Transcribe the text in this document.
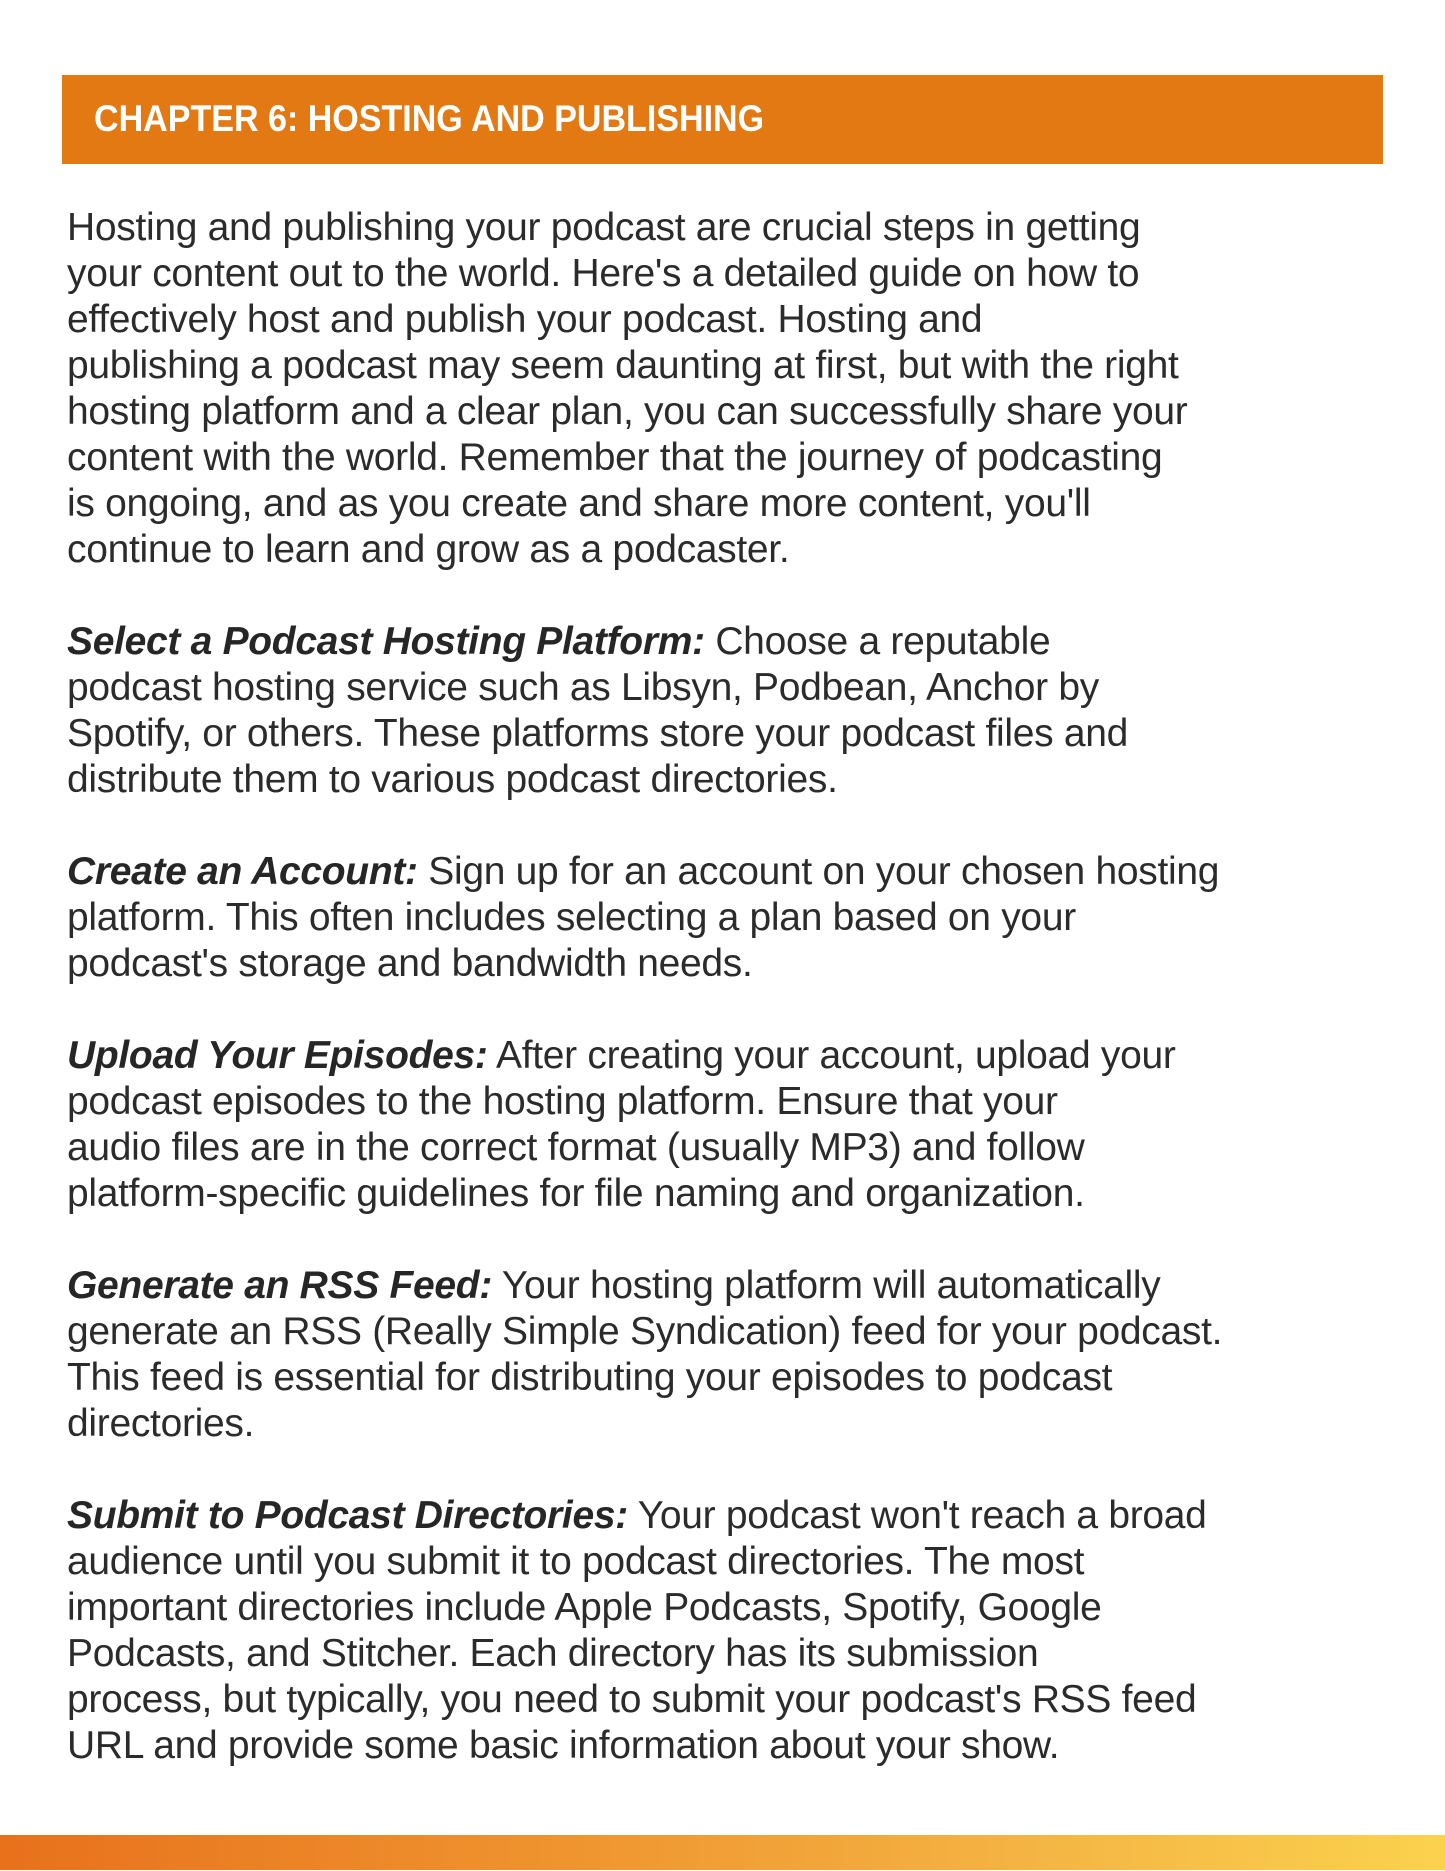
CHAPTER 6: HOSTING AND PUBLISHING
Hosting and publishing your podcast are crucial steps in getting
your content out to the world. Here's a detailed guide on how to
effectively host and publish your podcast. Hosting and
publishing a podcast may seem daunting at first, but with the right
hosting platform and a clear plan, you can successfully share your
content with the world. Remember that the journey of podcasting
is ongoing, and as you create and share more content, you'll
continue to learn and grow as a podcaster.
Select a Podcast Hosting Platform: Choose a reputable
podcast hosting service such as Libsyn, Podbean, Anchor by
Spotify, or others. These platforms store your podcast files and
distribute them to various podcast directories.
Create an Account: Sign up for an account on your chosen hosting
platform. This often includes selecting a plan based on your
podcast's storage and bandwidth needs.
Upload Your Episodes: After creating your account, upload your
podcast episodes to the hosting platform. Ensure that your
audio files are in the correct format (usually MP3) and follow
platform-specific guidelines for file naming and organization.
Generate an RSS Feed: Your hosting platform will automatically
generate an RSS (Really Simple Syndication) feed for your podcast.
This feed is essential for distributing your episodes to podcast
directories.
Submit to Podcast Directories: Your podcast won't reach a broad
audience until you submit it to podcast directories. The most
important directories include Apple Podcasts, Spotify, Google
Podcasts, and Stitcher. Each directory has its submission
process, but typically, you need to submit your podcast's RSS feed
URL and provide some basic information about your show.
